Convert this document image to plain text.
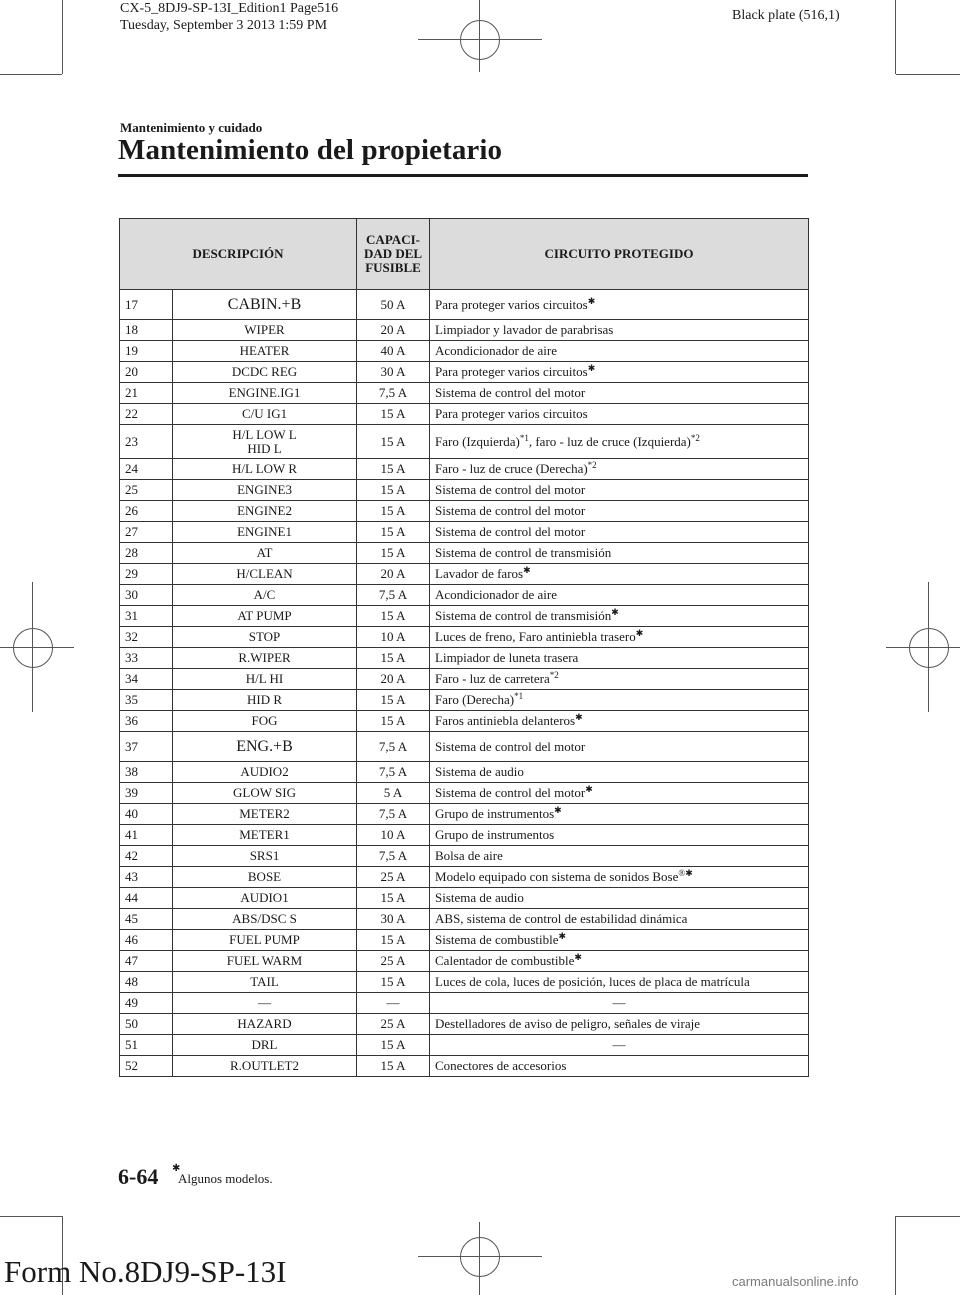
CX-5_8DJ9-SP-13I_Edition1 Page516
Tuesday, September 3 2013 1:59 PM
Black plate (516,1)
Mantenimiento y cuidado
Mantenimiento del propietario
DESCRIPCIÓN		CAPACI-
DAD DEL
FUSIBLE	CIRCUITO PROTEGIDO
17	CABIN.+B	50 A	Para proteger varios circuitos✱
18	WIPER	20 A	Limpiador y lavador de parabrisas
19	HEATER	40 A	Acondicionador de aire
20	DCDC REG	30 A	Para proteger varios circuitos✱
21	ENGINE.IG1	7,5 A	Sistema de control del motor
22	C/U IG1	15 A	Para proteger varios circuitos
23	H/L LOW L
HID L	15 A	Faro (Izquierda)$^{*1}$, faro - luz de cruce (Izquierda)$^{*2}$
24	H/L LOW R	15 A	Faro - luz de cruce (Derecha)$^{*2}$
25	ENGINE3	15 A	Sistema de control del motor
26	ENGINE2	15 A	Sistema de control del motor
27	ENGINE1	15 A	Sistema de control del motor
28	AT	15 A	Sistema de control de transmisión
29	H/CLEAN	20 A	Lavador de faros✱
30	A/C	7,5 A	Acondicionador de aire
31	AT PUMP	15 A	Sistema de control de transmisión✱
32	STOP	10 A	Luces de freno, Faro antiniebla trasero✱
33	R.WIPER	15 A	Limpiador de luneta trasera
34	H/L HI	20 A	Faro - luz de carretera$^{*2}$
35	HID R	15 A	Faro (Derecha)$^{*1}$
36	FOG	15 A	Faros antiniebla delanteros✱
37	ENG.+B	7,5 A	Sistema de control del motor
38	AUDIO2	7,5 A	Sistema de audio
39	GLOW SIG	5 A	Sistema de control del motor✱
40	METER2	7,5 A	Grupo de instrumentos✱
41	METER1	10 A	Grupo de instrumentos
42	SRS1	7,5 A	Bolsa de aire
43	BOSE	25 A	Modelo equipado con sistema de sonidos Bose®✱
44	AUDIO1	15 A	Sistema de audio
45	ABS/DSC S	30 A	ABS, sistema de control de estabilidad dinámica
46	FUEL PUMP	15 A	Sistema de combustible✱
47	FUEL WARM	25 A	Calentador de combustible✱
48	TAIL	15 A	Luces de cola, luces de posición, luces de placa de matrícula
49	—	—	—
50	HAZARD	25 A	Destelladores de aviso de peligro, señales de viraje
51	DRL	15 A	—
52	R.OUTLET2	15 A	Conectores de accesorios
6-64 ✱
Algunos modelos.
Form No.8DJ9-SP-13I	carmanualsonline.info
